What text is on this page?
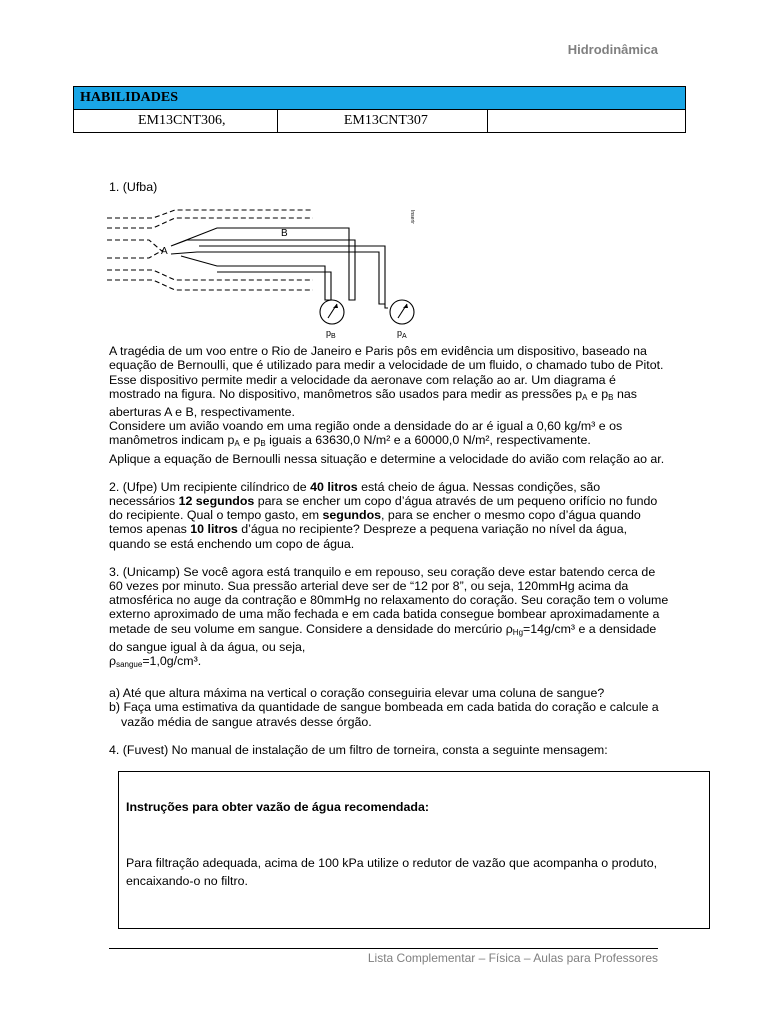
Hidrodinâmica
HABILIDADES
EM13CNT306,	EM13CNT307	

1. (Ufba)

B
A
$p_B$	$p_A$
Inserir

A tragédia de um voo entre o Rio de Janeiro e Paris pôs em evidência um dispositivo, baseado na equação de Bernoulli, que é utilizado para medir a velocidade de um fluido, o chamado tubo de Pitot. Esse dispositivo permite medir a velocidade da aeronave com relação ao ar. Um diagrama é mostrado na figura. No dispositivo, manômetros são usados para medir as pressões $p_A$ e $p_B$ nas aberturas A e B, respectivamente.

Considere um avião voando em uma região onde a densidade do ar é igual a 0,60 kg/m³ e os manômetros indicam $p_A$ e $p_B$ iguais a 63630,0 N/m² e a 60000,0 N/m², respectivamente.

Aplique a equação de Bernoulli nessa situação e determine a velocidade do avião com relação ao ar.

2. (Ufpe) Um recipiente cilíndrico de 40 litros está cheio de água. Nessas condições, são necessários 12 segundos para se encher um copo d’água através de um pequeno orifício no fundo do recipiente. Qual o tempo gasto, em segundos, para se encher o mesmo copo d’água quando temos apenas 10 litros d’água no recipiente? Despreze a pequena variação no nível da água, quando se está enchendo um copo de água.

3. (Unicamp) Se você agora está tranquilo e em repouso, seu coração deve estar batendo cerca de 60 vezes por minuto. Sua pressão arterial deve ser de “12 por 8”, ou seja, 120mmHg acima da atmosférica no auge da contração e 80mmHg no relaxamento do coração. Seu coração tem o volume externo aproximado de uma mão fechada e em cada batida consegue bombear aproximadamente a metade de seu volume em sangue. Considere a densidade do mercúrio $\rho_{Hg}=14g$/cm³ e a densidade do sangue igual à da água, ou seja,

$\rho_{sangue}=1,0g$/cm³.

a) Até que altura máxima na vertical o coração conseguiria elevar uma coluna de sangue?
b) Faça uma estimativa da quantidade de sangue bombeada em cada batida do coração e calcule a vazão média de sangue através desse órgão.

4. (Fuvest) No manual de instalação de um filtro de torneira, consta a seguinte mensagem:

Instruções para obter vazão de água recomendada:
Para filtração adequada, acima de 100 kPa utilize o redutor de vazão que acompanha o produto, encaixando-o no filtro.
Lista Complementar – Física – Aulas para Professores
